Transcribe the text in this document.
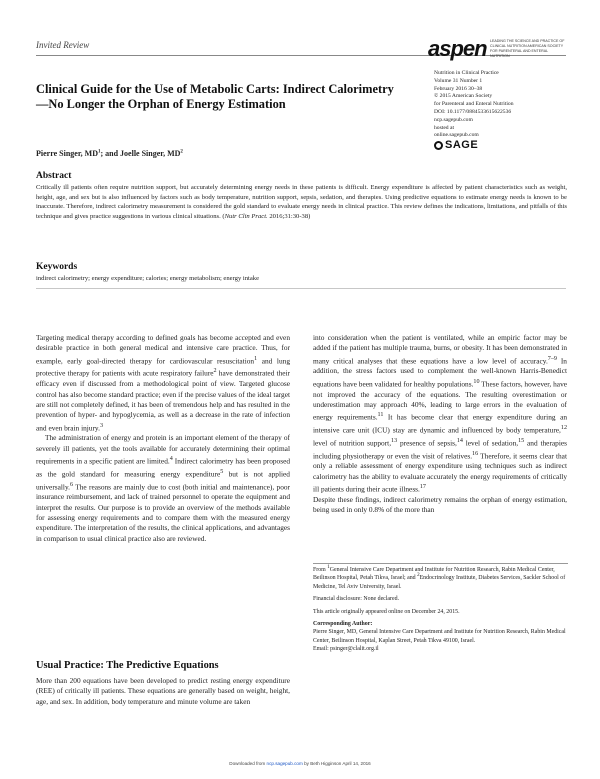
Invited Review	aspen LEADING THE SCIENCE AND PRACTICE OF CLINICAL NUTRITION AMERICAN SOCIETY FOR PARENTERAL AND ENTERAL NUTRITION
Clinical Guide for the Use of Metabolic Carts: Indirect Calorimetry—No Longer the Orphan of Energy Estimation
Nutrition in Clinical Practice
Volume 31 Number 1
February 2016 30–38
© 2015 American Society
for Parenteral and Enteral Nutrition
DOI: 10.1177/0884533615622536
ncp.sagepub.com
hosted at
online.sagepub.com
SAGE
Pierre Singer, $MD^1$; and Joelle Singer, $MD^2$
Abstract
Critically ill patients often require nutrition support, but accurately determining energy needs in these patients is difficult. Energy expenditure is affected by patient characteristics such as weight, height, age, and sex but is also influenced by factors such as body temperature, nutrition support, sepsis, sedation, and therapies. Using predictive equations to estimate energy needs is known to be inaccurate. Therefore, indirect calorimetry measurement is considered the gold standard to evaluate energy needs in clinical practice. This review defines the indications, limitations, and pitfalls of this technique and gives practice suggestions in various clinical situations. (Nutr Clin Pract. 2016;31:30-38)
Keywords
indirect calorimetry; energy expenditure; calories; energy metabolism; energy intake

Targeting medical therapy according to defined goals has become accepted and even desirable practice in both general medical and intensive care practice. Thus, for example, early goal-directed therapy for cardiovascular resuscitation$^1$ and lung protective therapy for patients with acute respiratory failure$^2$ have demonstrated their efficacy even if discussed from a methodological point of view. Targeted glucose control has also become standard practice; even if the precise values of the ideal target are still not completely defined, it has been of tremendous help and has resulted in the prevention of hyper- and hypoglycemia, as well as a decrease in the rate of infection and even brain injury.$^3$

The administration of energy and protein is an important element of the therapy of severely ill patients, yet the tools available for accurately determining their optimal requirements in a specific patient are limited.$^4$ Indirect calorimetry has been proposed as the gold standard for measuring energy expenditure$^5$ but is not applied universally.$^6$ The reasons are mainly due to cost (both initial and maintenance), poor insurance reimbursement, and lack of trained personnel to operate the equipment and interpret the results. Our purpose is to provide an overview of the methods available for assessing energy requirements and to compare them with the measured energy expenditure. The interpretation of the results, the clinical applications, and advantages in comparison to usual clinical practice also are reviewed.

Usual Practice: The Predictive Equations

More than 200 equations have been developed to predict resting energy expenditure (REE) of critically ill patients. These equations are generally based on weight, height, age, and sex. In addition, body temperature and minute volume are taken

into consideration when the patient is ventilated, while an empiric factor may be added if the patient has multiple trauma, burns, or obesity. It has been demonstrated in many critical analyses that these equations have a low level of accuracy.$^{7-9}$ In addition, the stress factors used to complement the well-known Harris-Benedict equations have been validated for healthy populations.$^{10}$ These factors, however, have not improved the accuracy of the equations. The resulting overestimation or underestimation may approach 40%, leading to large errors in the evaluation of energy requirements.$^{11}$ It has become clear that energy expenditure during an intensive care unit (ICU) stay are dynamic and influenced by body temperature,$^{12}$ level of nutrition support,$^{13}$ presence of sepsis,$^{14}$ level of sedation,$^{15}$ and therapies including physiotherapy or even the visit of relatives.$^{16}$ Therefore, it seems clear that only a reliable assessment of energy expenditure using techniques such as indirect calorimetry has the ability to evaluate accurately the energy requirements of critically ill patients during their acute illness.$^{17}$

Despite these findings, indirect calorimetry remains the orphan of energy estimation, being used in only 0.8% of the more than

From $^1$General Intensive Care Department and Institute for Nutrition Research, Rabin Medical Center, Beilinson Hospital, Petah Tikva, Israel; and $^2$Endocrinology Institute, Diabetes Services, Sackler School of Medicine, Tel Aviv University, Israel.

Financial disclosure: None declared.

This article originally appeared online on December 24, 2015.

Corresponding Author:

Pierre Singer, MD, General Intensive Care Department and Institute for Nutrition Research, Rabin Medical Center, Beilinson Hospital, Kaplan Street, Petah Tikva 49100, Israel.

Email: psinger@clalit.org.il

Downloaded from ncp.sagepub.com by Beth Higginson April 14, 2016
